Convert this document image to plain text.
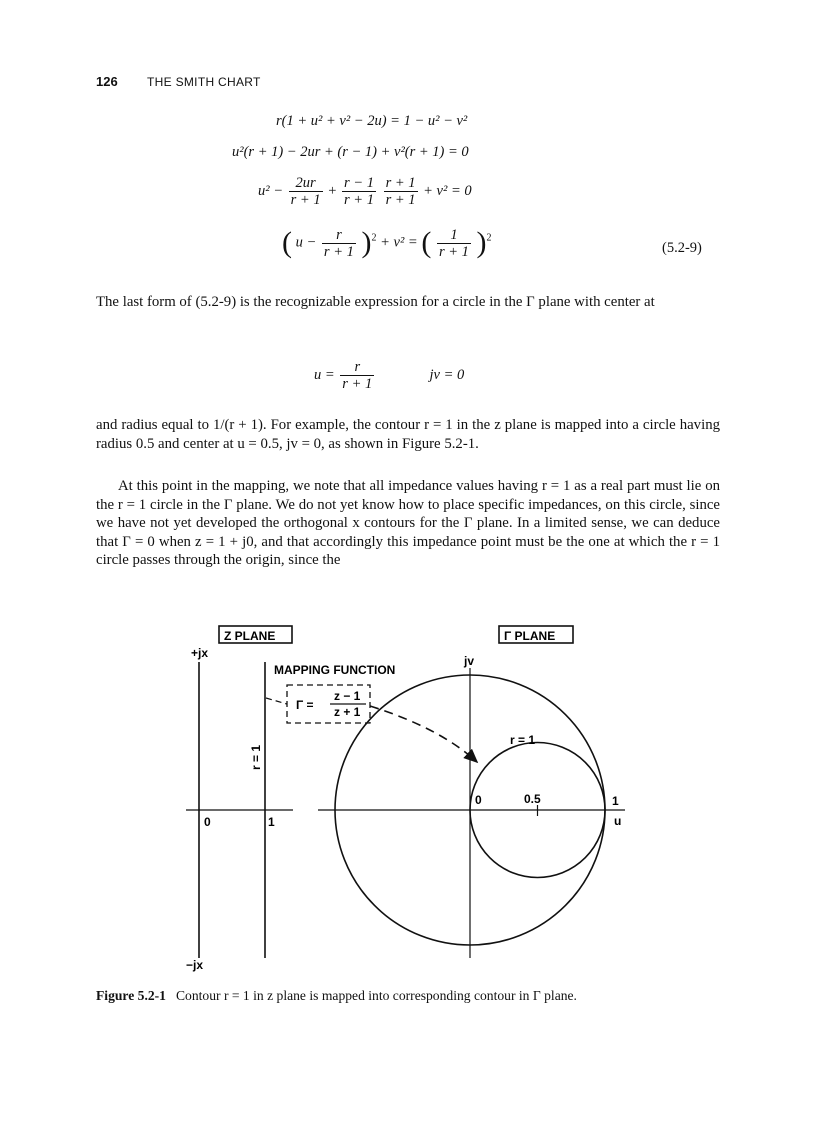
126 THE SMITH CHART
r(1 + u² + v² − 2u) = 1 − u² − v²
u²(r + 1) − 2ur + (r − 1) + v²(r + 1) = 0
$u^2 - \frac{2ur}{r + 1} + \frac{r - 1}{r + 1}$
$\frac{r + 1}{r + 1} + v^2 = 0$
( $u - \frac{r}{r + 1} )^2 + v^2$ = ( $\frac{1}{r + 1} )^2$
(5.2-9)

The last form of (5.2-9) is the recognizable expression for a circle in the Γ plane with center at

$u = \frac{r}{r + 1}$	jv = 0

and radius equal to 1/(r + 1). For example, the contour r = 1 in the z plane is mapped into a circle having radius 0.5 and center at u = 0.5, jv = 0, as shown in Figure 5.2-1.

At this point in the mapping, we note that all impedance values having r = 1 as a real part must lie on the r = 1 circle in the Γ plane. We do not yet know how to place specific impedances, on this circle, since we have not yet developed the orthogonal x contours for the Γ plane. In a limited sense, we can deduce that Γ = 0 when z = 1 + j0, and that accordingly this impedance point must be the one at which the r = 1 circle passes through the origin, since the

Z PLANE
+jx
−jx
0	1
r = 1
MAPPING FUNCTION
Γ =
z − 1
z + 1
Γ PLANE
jv
r = 1
0	0.5	1
u
Figure 5.2-1 Contour r = 1 in z plane is mapped into corresponding contour in Γ plane.
